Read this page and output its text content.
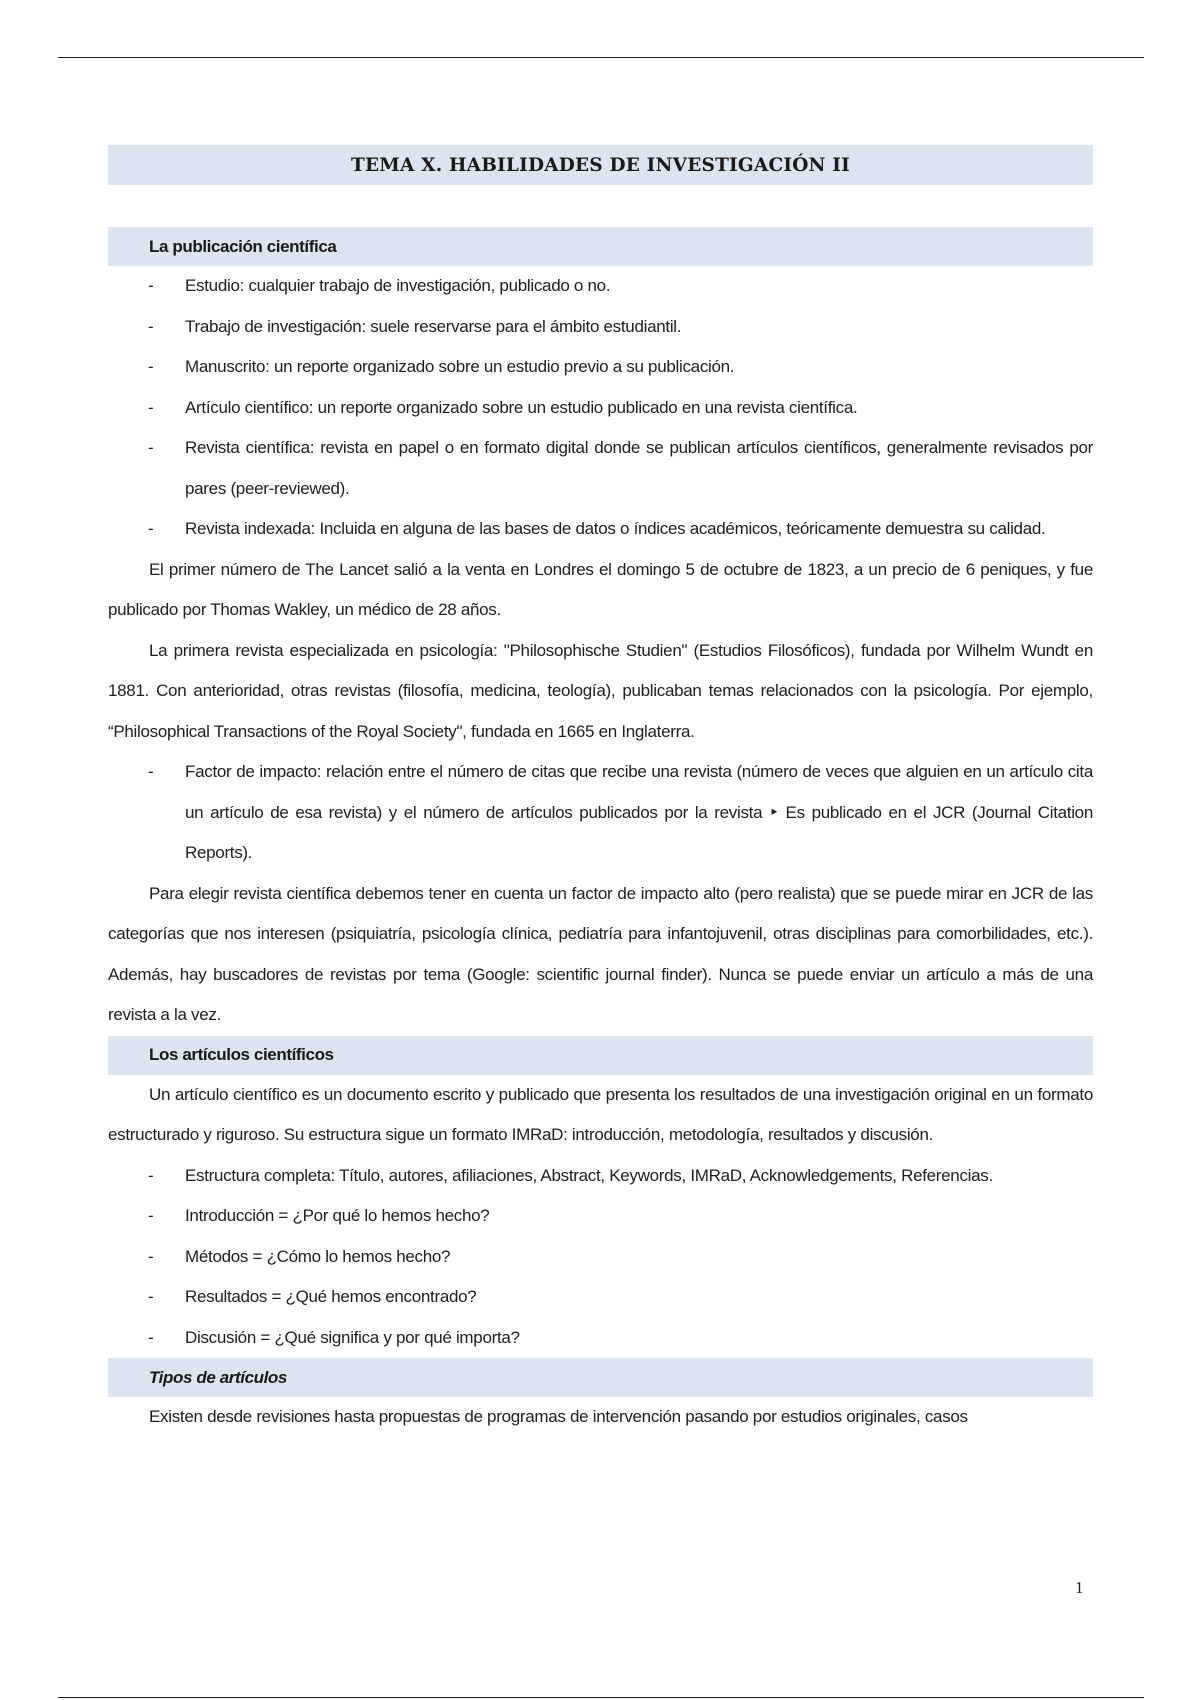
TEMA X. HABILIDADES DE INVESTIGACIÓN II
La publicación científica
- Estudio: cualquier trabajo de investigación, publicado o no.
- Trabajo de investigación: suele reservarse para el ámbito estudiantil.
- Manuscrito: un reporte organizado sobre un estudio previo a su publicación.
- Artículo científico: un reporte organizado sobre un estudio publicado en una revista científica.
- Revista científica: revista en papel o en formato digital donde se publican artículos científicos, generalmente revisados por pares (peer-reviewed).
- Revista indexada: Incluida en alguna de las bases de datos o índices académicos, teóricamente demuestra su calidad.

El primer número de The Lancet salió a la venta en Londres el domingo 5 de octubre de 1823, a un precio de 6 peniques, y fue publicado por Thomas Wakley, un médico de 28 años.

La primera revista especializada en psicología: "Philosophische Studien" (Estudios Filosóficos), fundada por Wilhelm Wundt en 1881. Con anterioridad, otras revistas (filosofía, medicina, teología), publicaban temas relacionados con la psicología. Por ejemplo, “Philosophical Transactions of the Royal Society", fundada en 1665 en Inglaterra.

- Factor de impacto: relación entre el número de citas que recibe una revista (número de veces que alguien en un artículo cita un artículo de esa revista) y el número de artículos publicados por la revista ‣ Es publicado en el JCR (Journal Citation Reports).

Para elegir revista científica debemos tener en cuenta un factor de impacto alto (pero realista) que se puede mirar en JCR de las categorías que nos interesen (psiquiatría, psicología clínica, pediatría para infantojuvenil, otras disciplinas para comorbilidades, etc.). Además, hay buscadores de revistas por tema (Google: scientific journal finder). Nunca se puede enviar un artículo a más de una revista a la vez.

Los artículos científicos

Un artículo científico es un documento escrito y publicado que presenta los resultados de una investigación original en un formato estructurado y riguroso. Su estructura sigue un formato IMRaD: introducción, metodología, resultados y discusión.

- Estructura completa: Título, autores, afiliaciones, Abstract, Keywords, IMRaD, Acknowledgements, Referencias.
- Introducción = ¿Por qué lo hemos hecho?
- Métodos = ¿Cómo lo hemos hecho?
- Resultados = ¿Qué hemos encontrado?
- Discusión = ¿Qué significa y por qué importa?
Tipos de artículos

Existen desde revisiones hasta propuestas de programas de intervención pasando por estudios originales, casos

1
